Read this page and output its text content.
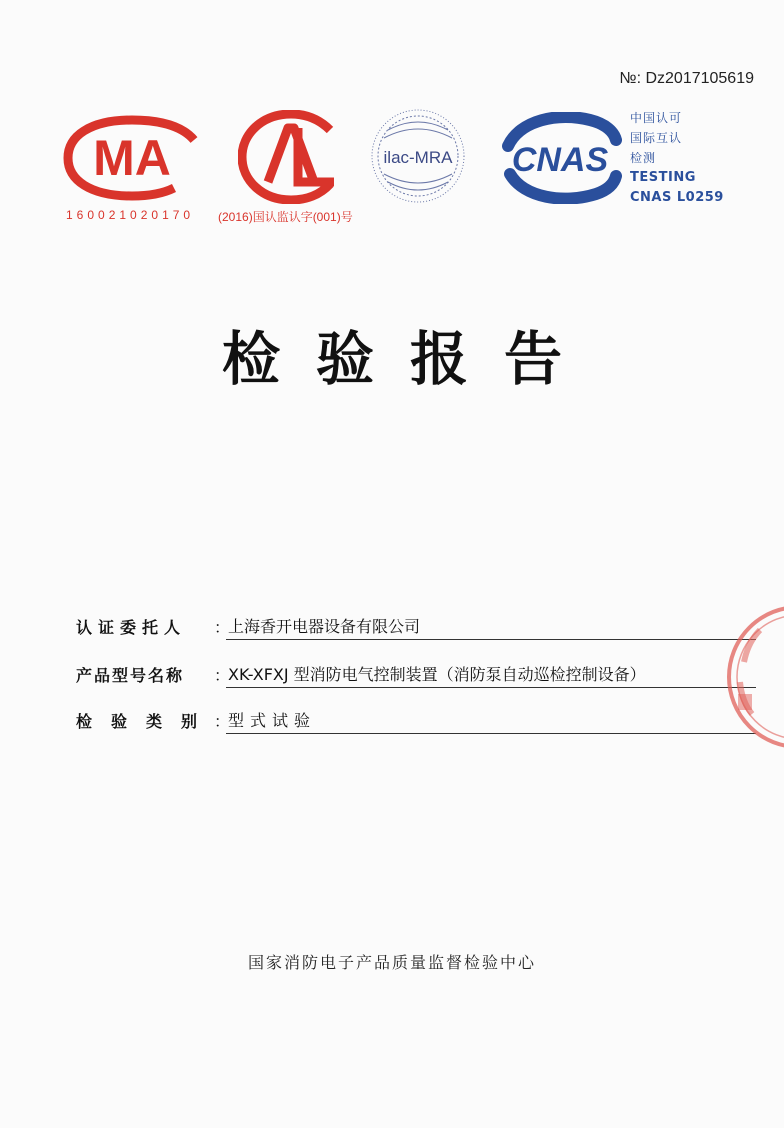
№: Dz2017105619
MA
160021020170 (2016)国认监认字(001)号
ilac-MRA CNAS
中国认可
国际互认
检测
TESTING
CNAS L0259
检验报告
认证委托人 ：
上海香开电器设备有限公司
产品型号名称 ：
XK-XFXJ 型消防电气控制装置（消防泵自动巡检控制设备）
检验类别
：
型式试验
国家消防电子产品质量监督检验中心
